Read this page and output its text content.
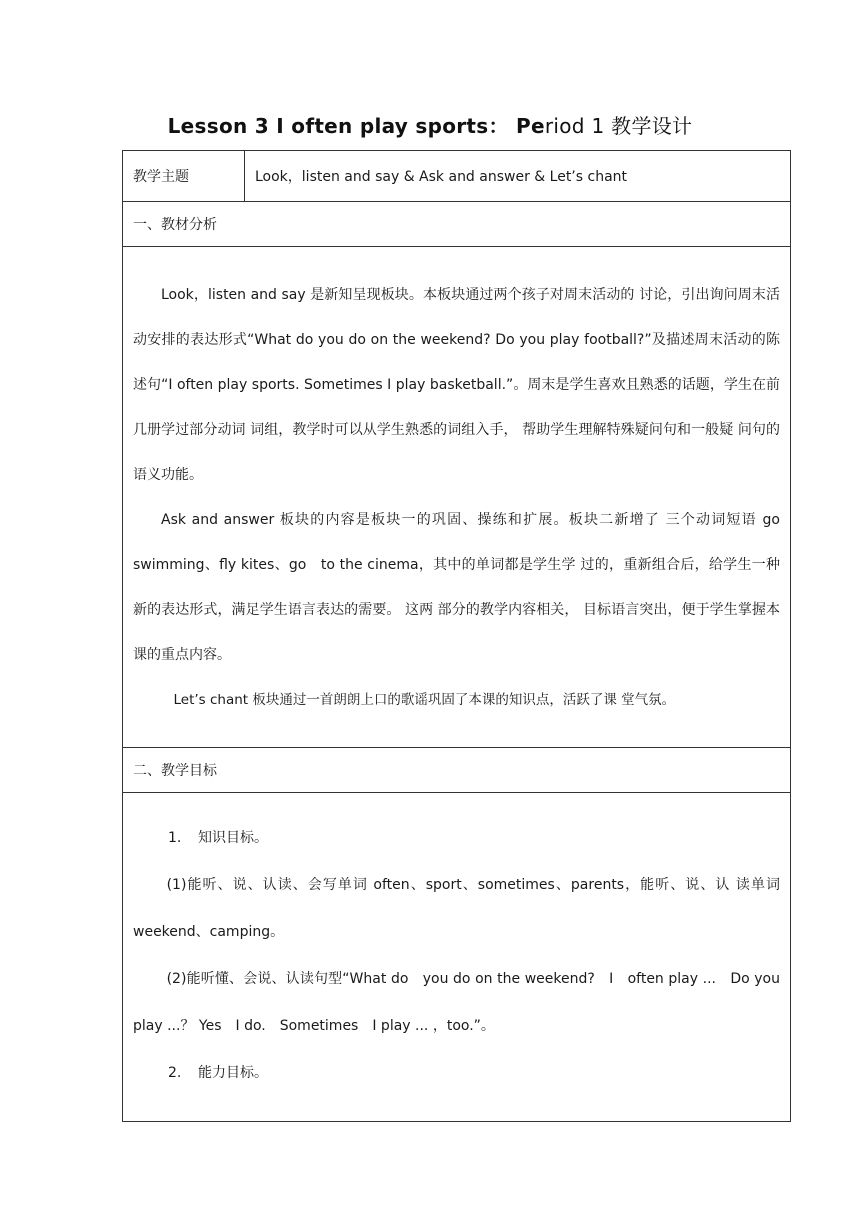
Lesson 3 I often play sports： Period 1 教学设计
教学主题	Look，listen and say & Ask and answer & Let’s chant
一、教材分析

Look，listen and say 是新知呈现板块。本板块通过两个孩子对周末活动的 讨论，引出询问周末活动安排的表达形式“What do you do on the weekend? Do you play football?”及描述周末活动的陈述句“I often play sports. Sometimes I play basketball.”。周末是学生喜欢且熟悉的话题，学生在前几册学过部分动词 词组，教学时可以从学生熟悉的词组入手， 帮助学生理解特殊疑问句和一般疑 问句的语义功能。

Ask and answer 板块的内容是板块一的巩固、操练和扩展。板块二新增了 三个动词短语 go swimming、fly kites、go　to the cinema，其中的单词都是学生学 过的，重新组合后，给学生一种新的表达形式，满足学生语言表达的需要。 这两 部分的教学内容相关， 目标语言突出，便于学生掌握本课的重点内容。

Let’s chant 板块通过一首朗朗上口的歌谣巩固了本课的知识点，活跃了课 堂气氛。

二、教学目标

1. 知识目标。

(1)能听、说、认读、会写单词 often、sport、sometimes、parents，能听、说、认 读单词 weekend、camping。

(2)能听懂、会说、认读句型“What do　you do on the weekend?　I　often play ...　Do you play ...？ Yes　I do.　Sometimes　I play ... ，too.”。

2. 能力目标。
